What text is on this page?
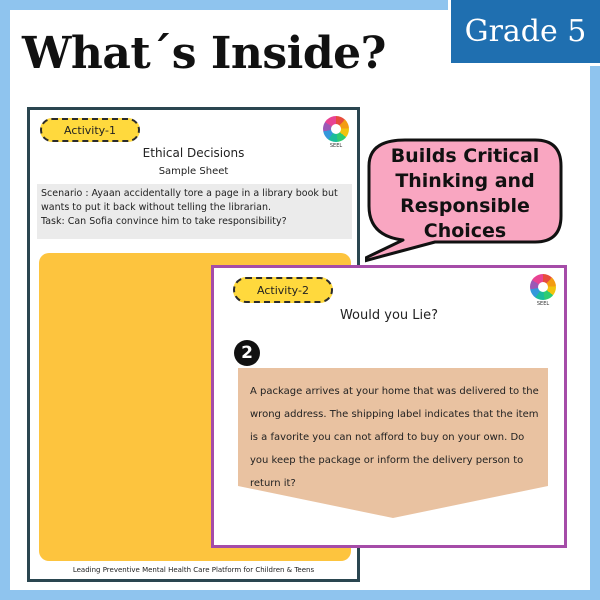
Grade 5
What´s Inside?
Activity-1
SEEL
Ethical Decisions
Sample Sheet
Scenario : Ayaan accidentally tore a page in a library book but wants to put it back without telling the librarian.
Task: Can Sofia convince him to take responsibility?
Leading Preventive Mental Health Care Platform for Children & Teens
Builds Critical Thinking and Responsible Choices
Activity-2
SEEL
Would you Lie?
2
A package arrives at your home that was delivered to the wrong address. The shipping label indicates that the item is a favorite you can not afford to buy on your own. Do you keep the package or inform the delivery person to return it?
